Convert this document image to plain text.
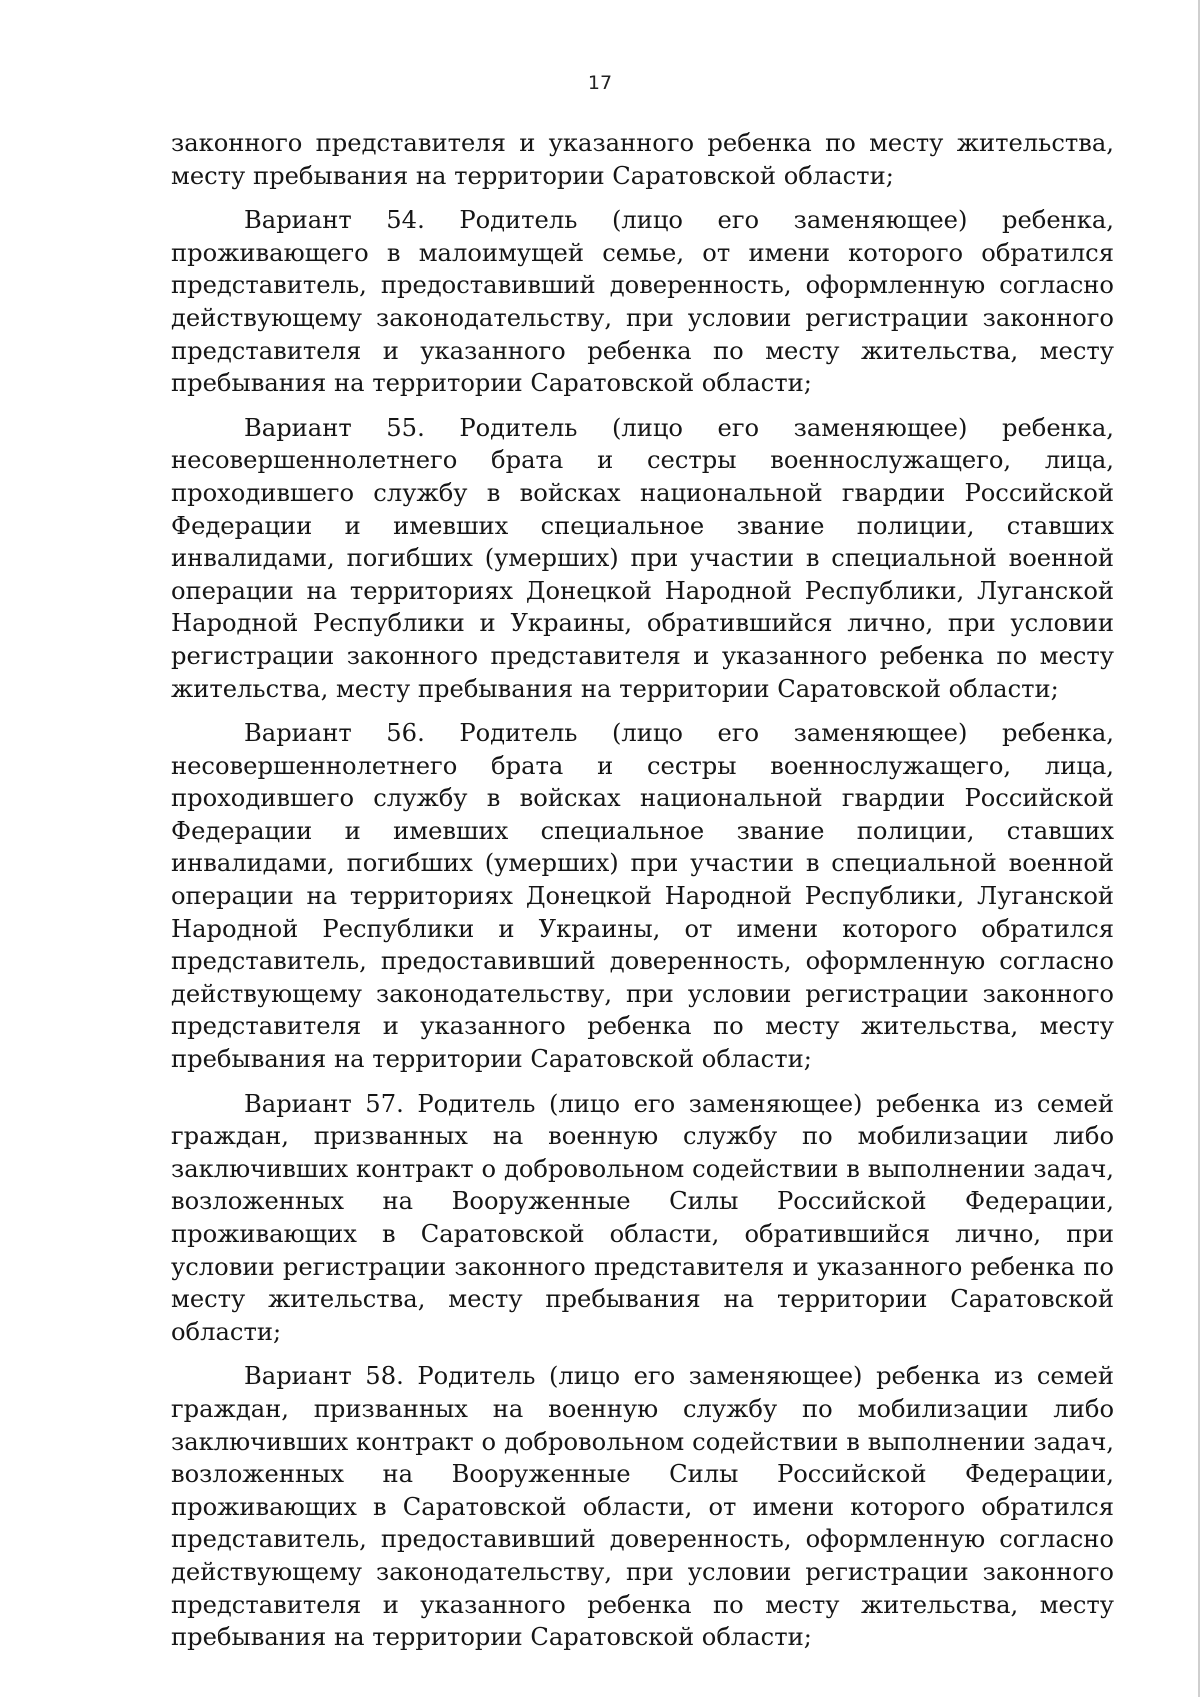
17

законного представителя и указанного ребенка по месту жительства, месту пребывания на территории Саратовской области;

Вариант 54. Родитель (лицо его заменяющее) ребенка, проживающего в малоимущей семье, от имени которого обратился представитель, предоставивший доверенность, оформленную согласно действующему законодательству, при условии регистрации законного представителя и указанного ребенка по месту жительства, месту пребывания на территории Саратовской области;

Вариант 55. Родитель (лицо его заменяющее) ребенка, несовершеннолетнего брата и сестры военнослужащего, лица, проходившего службу в войсках национальной гвардии Российской Федерации и имевших специальное звание полиции, ставших инвалидами, погибших (умерших) при участии в специальной военной операции на территориях Донецкой Народной Республики, Луганской Народной Республики и Украины, обратившийся лично, при условии регистрации законного представителя и указанного ребенка по месту жительства, месту пребывания на территории Саратовской области;

Вариант 56. Родитель (лицо его заменяющее) ребенка, несовершеннолетнего брата и сестры военнослужащего, лица, проходившего службу в войсках национальной гвардии Российской Федерации и имевших специальное звание полиции, ставших инвалидами, погибших (умерших) при участии в специальной военной операции на территориях Донецкой Народной Республики, Луганской Народной Республики и Украины, от имени которого обратился представитель, предоставивший доверенность, оформленную согласно действующему законодательству, при условии регистрации законного представителя и указанного ребенка по месту жительства, месту пребывания на территории Саратовской области;

Вариант 57. Родитель (лицо его заменяющее) ребенка из семей граждан, призванных на военную службу по мобилизации либо заключивших контракт о добровольном содействии в выполнении задач, возложенных на Вооруженные Силы Российской Федерации, проживающих в Саратовской области, обратившийся лично, при условии регистрации законного представителя и указанного ребенка по месту жительства, месту пребывания на территории Саратовской области;

Вариант 58. Родитель (лицо его заменяющее) ребенка из семей граждан, призванных на военную службу по мобилизации либо заключивших контракт о добровольном содействии в выполнении задач, возложенных на Вооруженные Силы Российской Федерации, проживающих в Саратовской области, от имени которого обратился представитель, предоставивший доверенность, оформленную согласно действующему законодательству, при условии регистрации законного представителя и указанного ребенка по месту жительства, месту пребывания на территории Саратовской области;
